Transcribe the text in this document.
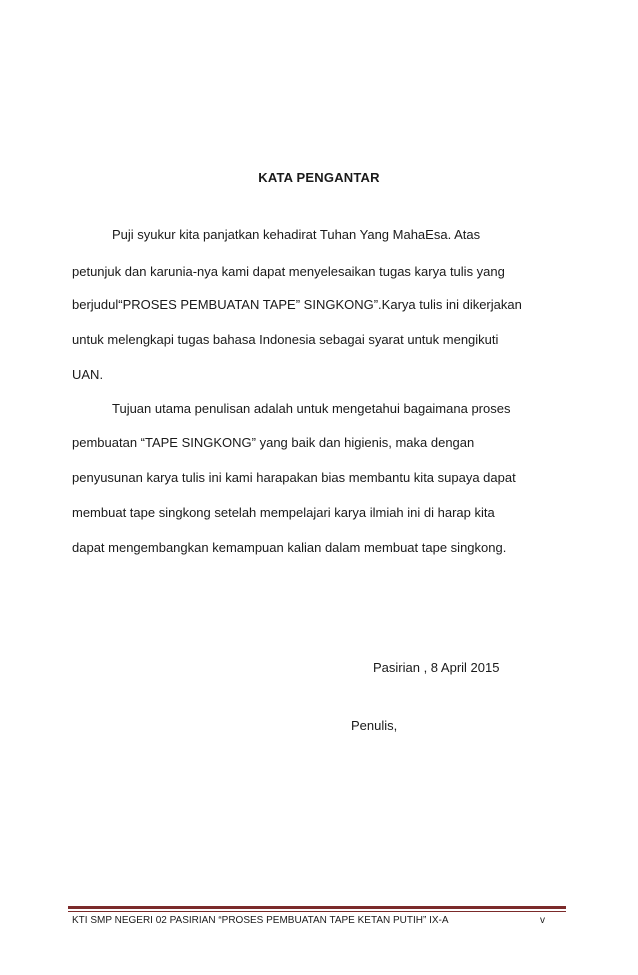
KATA PENGANTAR

Puji syukur kita panjatkan kehadirat Tuhan Yang MahaEsa. Atas

petunjuk dan karunia-nya kami dapat menyelesaikan tugas karya tulis yang

berjudul“PROSES PEMBUATAN TAPE” SINGKONG”.Karya tulis ini dikerjakan

untuk melengkapi tugas bahasa Indonesia sebagai syarat untuk mengikuti

UAN.

Tujuan utama penulisan adalah untuk mengetahui bagaimana proses

pembuatan “TAPE SINGKONG” yang baik dan higienis, maka dengan

penyusunan karya tulis ini kami harapakan bias membantu kita supaya dapat

membuat tape singkong setelah mempelajari karya ilmiah ini di harap kita

dapat mengembangkan kemampuan kalian dalam membuat tape singkong.

Pasirian , 8 April 2015

Penulis,

KTI SMP NEGERI 02 PASIRIAN “PROSES PEMBUATAN TAPE KETAN PUTIH” IX-A	v
